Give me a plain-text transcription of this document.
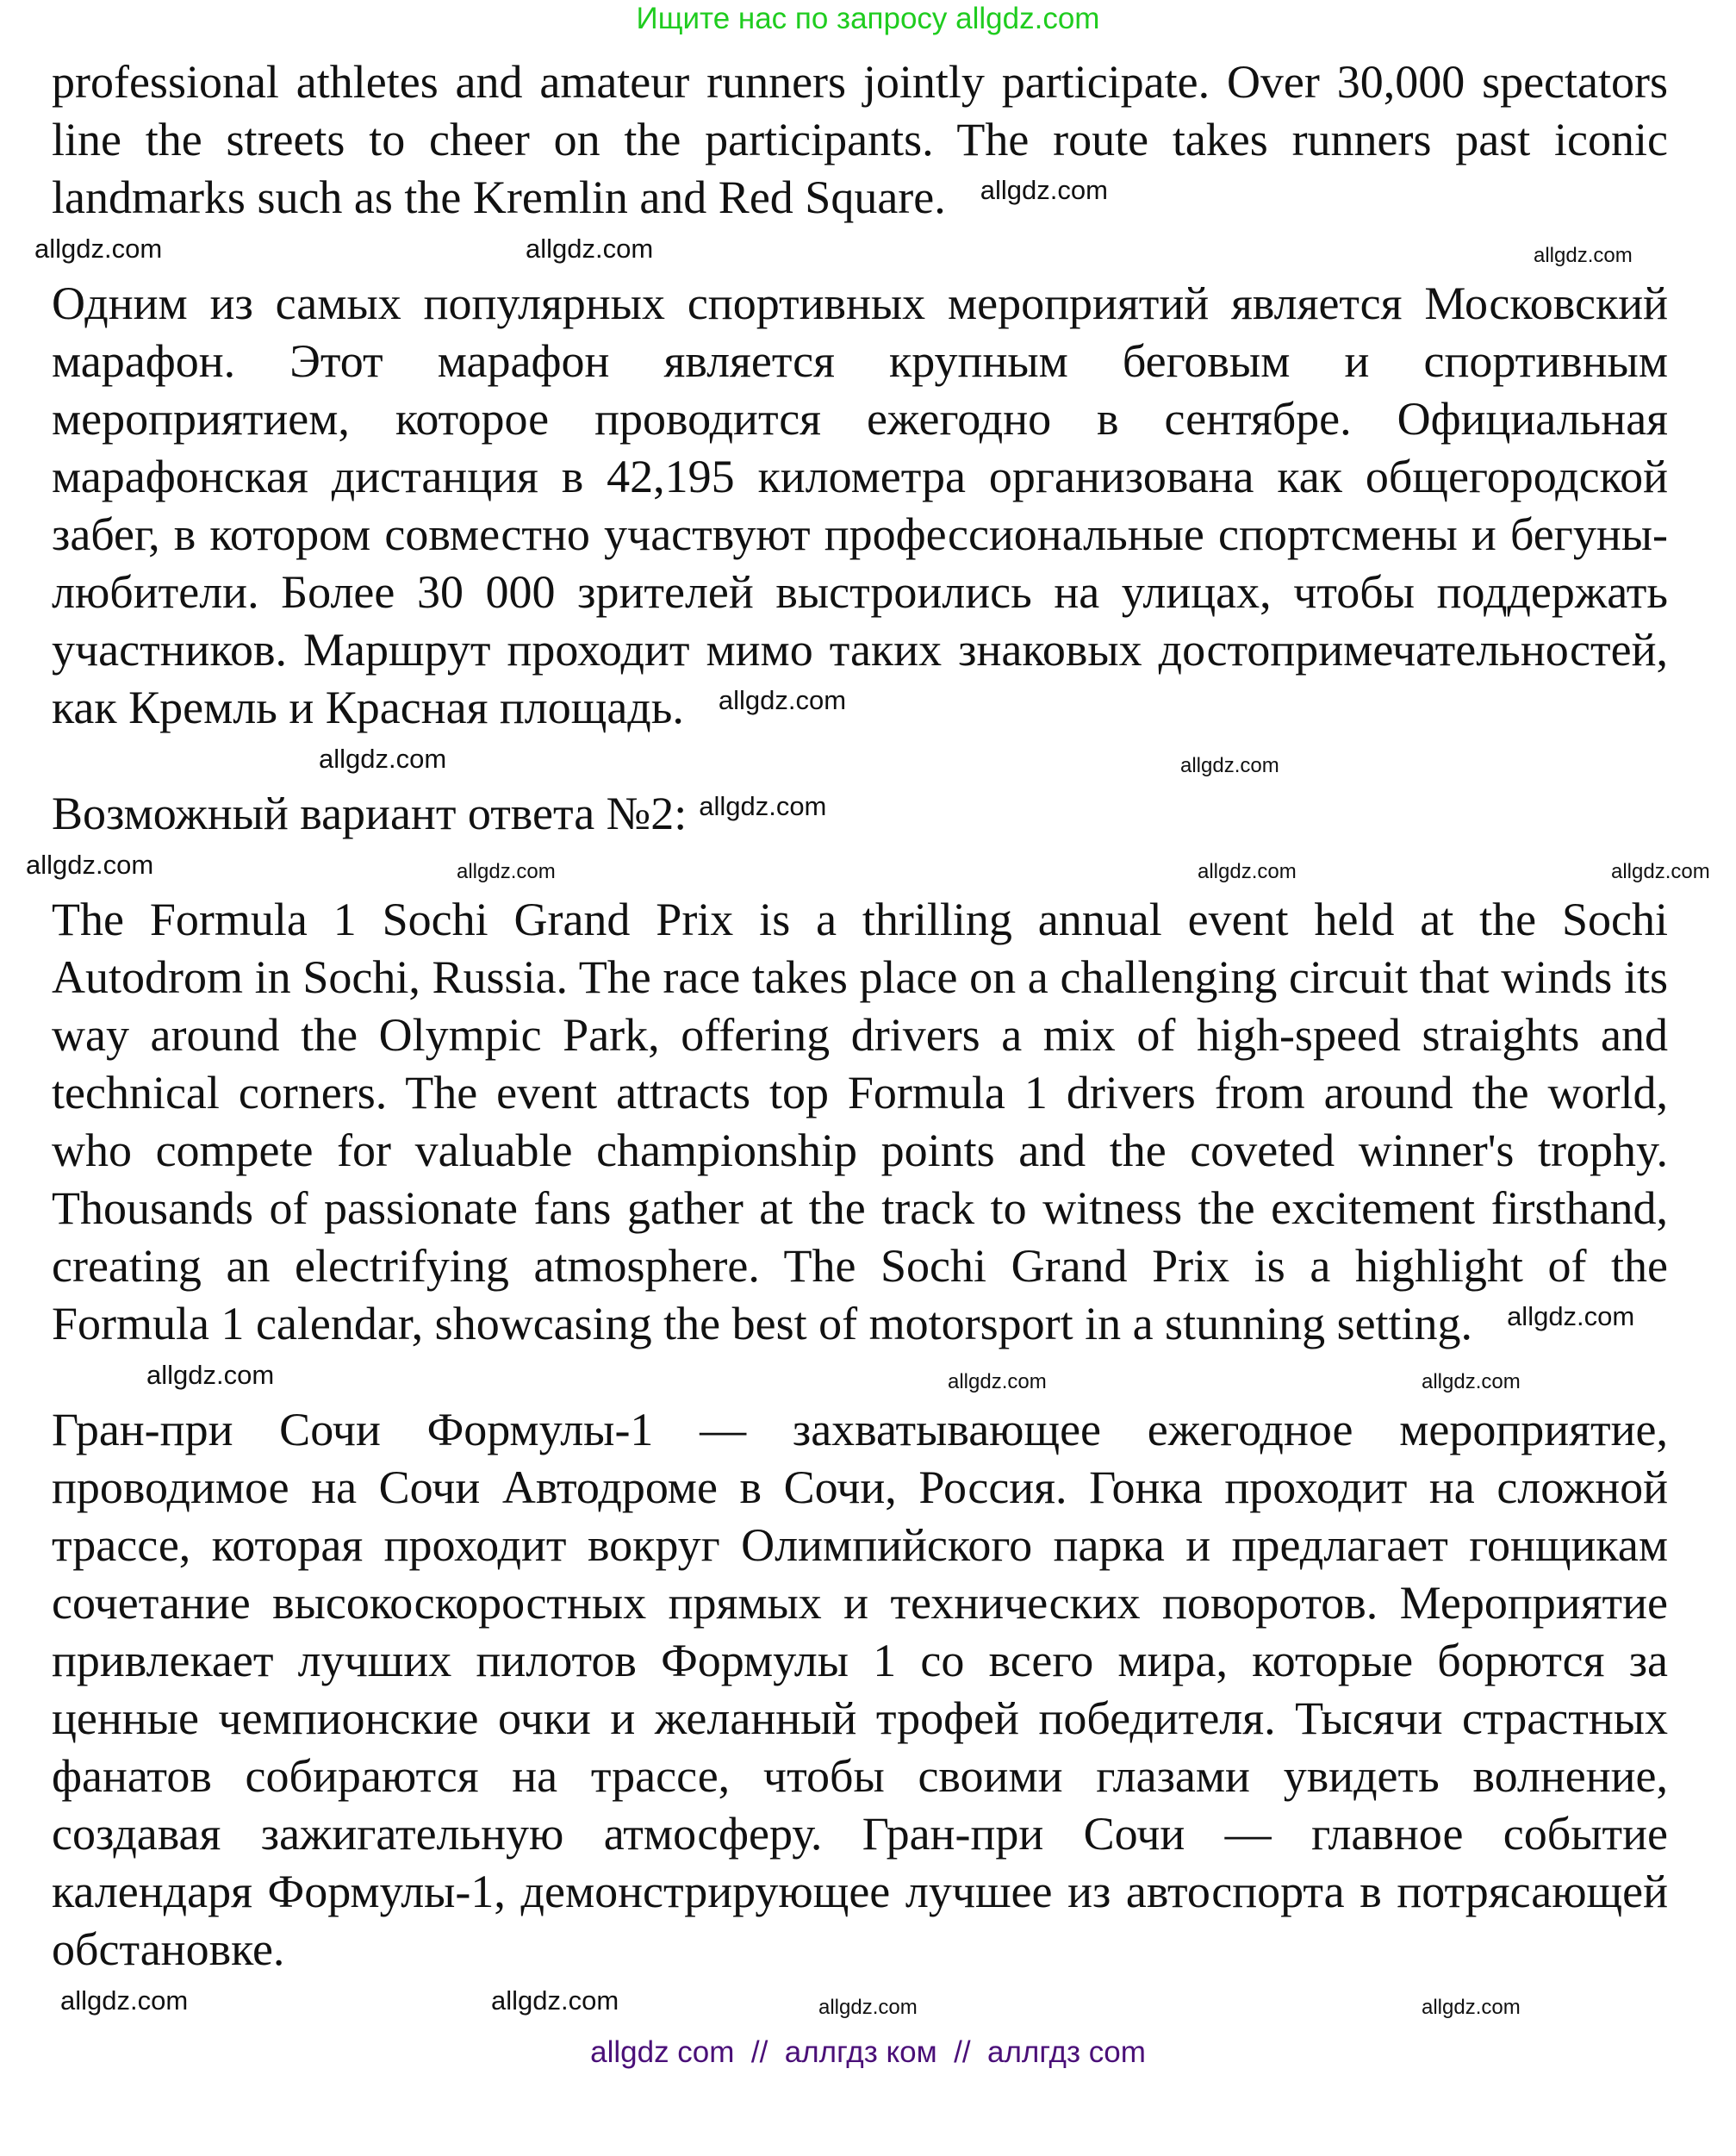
Ищите нас по запросу allgdz.com

professional athletes and amateur runners jointly participate. Over 30,000 spectators line the streets to cheer on the participants. The route takes runners past iconic landmarks such as the Kremlin and Red Square. allgdz.com

allgdz.com	allgdz.com	allgdz.com

Одним из самых популярных спортивных мероприятий является Московский марафон. Этот марафон является крупным беговым и спортивным мероприятием, которое проводится ежегодно в сентябре. Официальная марафонская дистанция в 42,195 километра организована как общегородской забег, в котором совместно участвуют профессиональные спортсмены и бегуны-любители. Более 30 000 зрителей выстроились на улицах, чтобы поддержать участников. Маршрут проходит мимо таких знаковых достопримечательностей, как Кремль и Красная площадь. allgdz.com

allgdz.com	allgdz.com

Возможный вариант ответа №2: allgdz.com

allgdz.com	allgdz.com	allgdz.com	allgdz.com

The Formula 1 Sochi Grand Prix is a thrilling annual event held at the Sochi Autodrom in Sochi, Russia. The race takes place on a challenging circuit that winds its way around the Olympic Park, offering drivers a mix of high-speed straights and technical corners. The event attracts top Formula 1 drivers from around the world, who compete for valuable championship points and the coveted winner's trophy. Thousands of passionate fans gather at the track to witness the excitement firsthand, creating an electrifying atmosphere. The Sochi Grand Prix is a highlight of the Formula 1 calendar, showcasing the best of motorsport in a stunning setting. allgdz.com

allgdz.com	allgdz.com	allgdz.com

Гран-при Сочи Формулы-1 — захватывающее ежегодное мероприятие, проводимое на Сочи Автодроме в Сочи, Россия. Гонка проходит на сложной трассе, которая проходит вокруг Олимпийского парка и предлагает гонщикам сочетание высокоскоростных прямых и технических поворотов. Мероприятие привлекает лучших пилотов Формулы 1 со всего мира, которые борются за ценные чемпионские очки и желанный трофей победителя. Тысячи страстных фанатов собираются на трассе, чтобы своими глазами увидеть волнение, создавая зажигательную атмосферу. Гран-при Сочи — главное событие календаря Формулы-1, демонстрирующее лучшее из автоспорта в потрясающей обстановке.

allgdz.com	allgdz.com	allgdz.com	allgdz.com
allgdz com  //  аллгдз ком  //  аллгдз com
